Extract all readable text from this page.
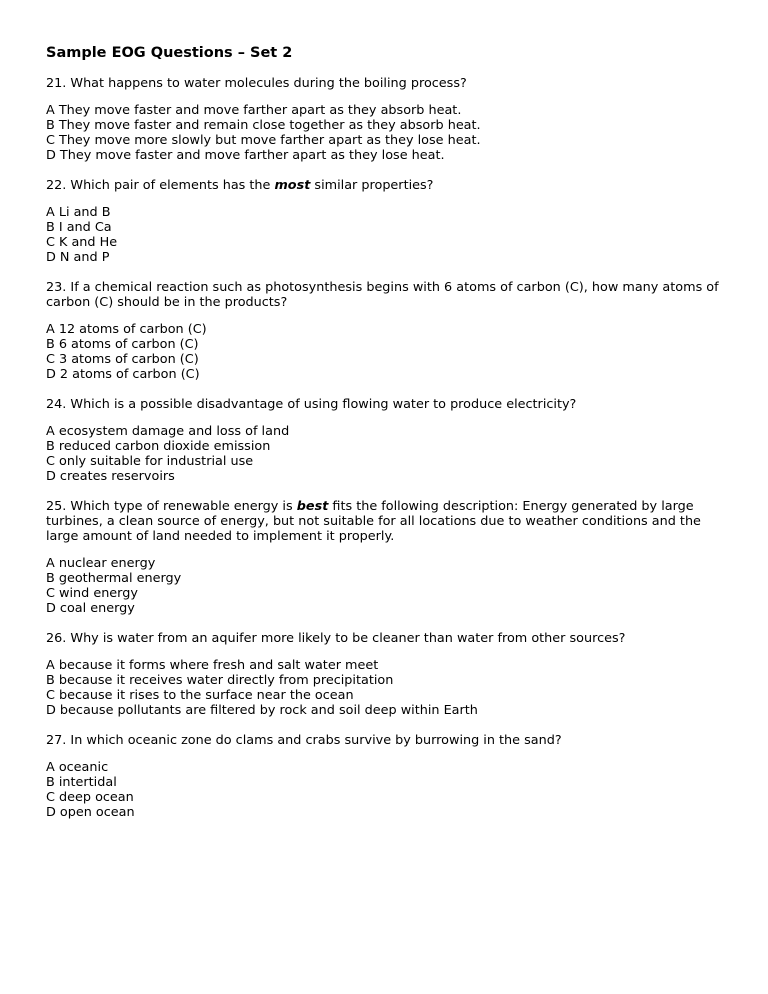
Sample EOG Questions – Set 2
21. What happens to water molecules during the boiling process?
A They move faster and move farther apart as they absorb heat.
B They move faster and remain close together as they absorb heat.
C They move more slowly but move farther apart as they lose heat.
D They move faster and move farther apart as they lose heat.
22. Which pair of elements has the most similar properties?
A Li and B
B I and Ca
C K and He
D N and P
23. If a chemical reaction such as photosynthesis begins with 6 atoms of carbon (C), how many atoms of carbon (C) should be in the products?
A 12 atoms of carbon (C)
B 6 atoms of carbon (C)
C 3 atoms of carbon (C)
D 2 atoms of carbon (C)
24. Which is a possible disadvantage of using flowing water to produce electricity?
A ecosystem damage and loss of land
B reduced carbon dioxide emission
C only suitable for industrial use
D creates reservoirs
25. Which type of renewable energy is best fits the following description: Energy generated by large turbines, a clean source of energy, but not suitable for all locations due to weather conditions and the large amount of land needed to implement it properly.
A nuclear energy
B geothermal energy
C wind energy
D coal energy
26. Why is water from an aquifer more likely to be cleaner than water from other sources?
A because it forms where fresh and salt water meet
B because it receives water directly from precipitation
C because it rises to the surface near the ocean
D because pollutants are filtered by rock and soil deep within Earth
27. In which oceanic zone do clams and crabs survive by burrowing in the sand?
A oceanic
B intertidal
C deep ocean
D open ocean
